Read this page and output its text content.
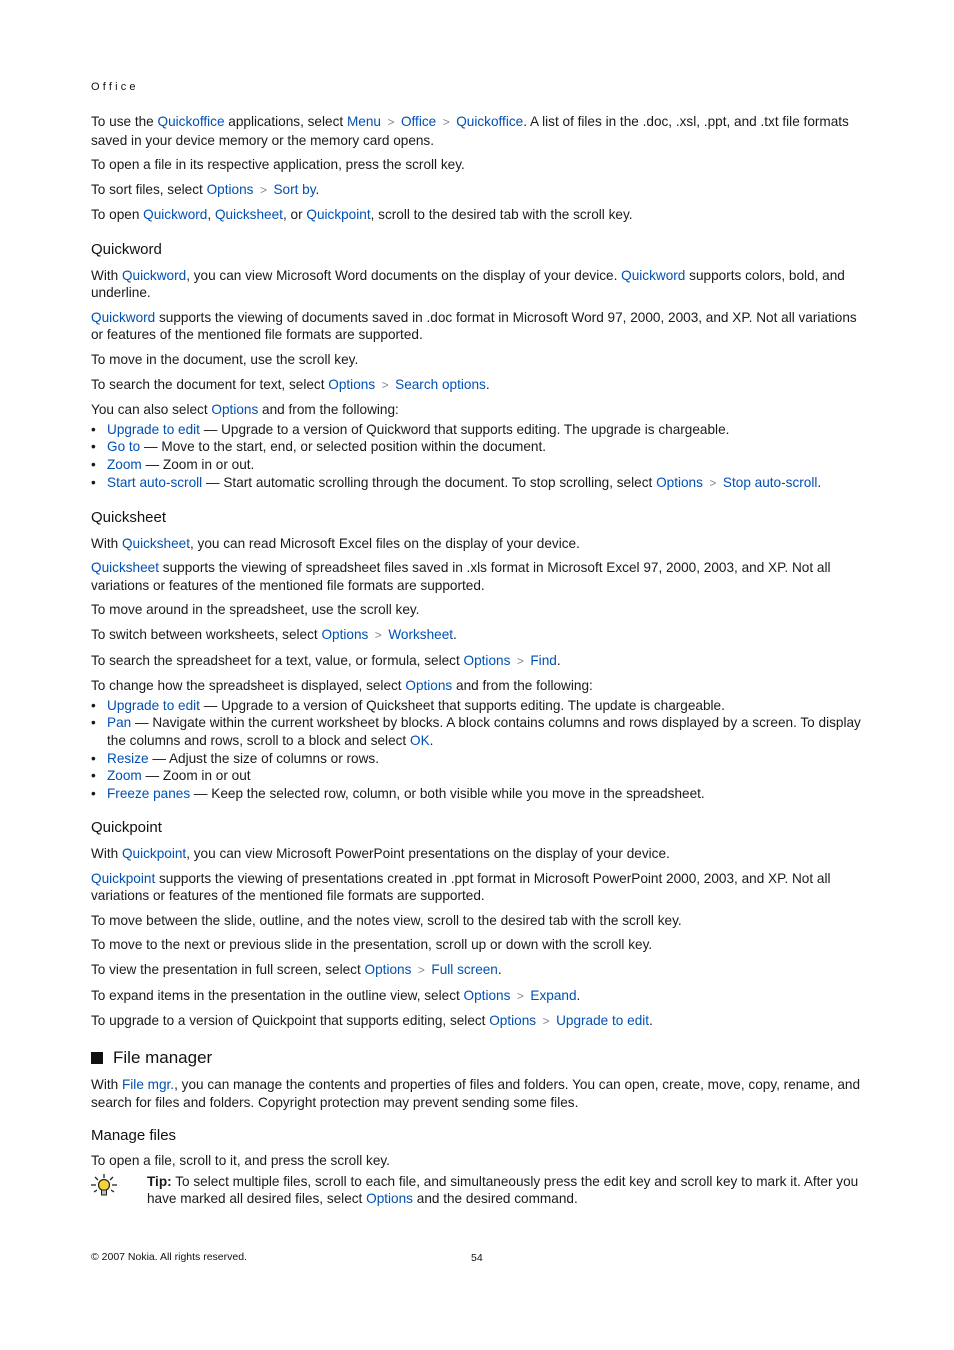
Office

To use the Quickoffice applications, select Menu > Office > Quickoffice. A list of files in the .doc, .xsl, .ppt, and .txt file formats saved in your device memory or the memory card opens.

To open a file in its respective application, press the scroll key.

To sort files, select Options > Sort by.

To open Quickword, Quicksheet, or Quickpoint, scroll to the desired tab with the scroll key.

Quickword

With Quickword, you can view Microsoft Word documents on the display of your device. Quickword supports colors, bold, and underline.

Quickword supports the viewing of documents saved in .doc format in Microsoft Word 97, 2000, 2003, and XP. Not all variations or features of the mentioned file formats are supported.

To move in the document, use the scroll key.

To search the document for text, select Options > Search options.

You can also select Options and from the following:

• Upgrade to edit — Upgrade to a version of Quickword that supports editing. The upgrade is chargeable.
• Go to — Move to the start, end, or selected position within the document.
• Zoom — Zoom in or out.
• Start auto-scroll — Start automatic scrolling through the document. To stop scrolling, select Options > Stop auto-scroll.
Quicksheet

With Quicksheet, you can read Microsoft Excel files on the display of your device.

Quicksheet supports the viewing of spreadsheet files saved in .xls format in Microsoft Excel 97, 2000, 2003, and XP. Not all variations or features of the mentioned file formats are supported.

To move around in the spreadsheet, use the scroll key.

To switch between worksheets, select Options > Worksheet.

To search the spreadsheet for a text, value, or formula, select Options > Find.

To change how the spreadsheet is displayed, select Options and from the following:

• Upgrade to edit — Upgrade to a version of Quicksheet that supports editing. The update is chargeable.
• Pan — Navigate within the current worksheet by blocks. A block contains columns and rows displayed by a screen. To display the columns and rows, scroll to a block and select OK.
• Resize — Adjust the size of columns or rows.
• Zoom — Zoom in or out
• Freeze panes — Keep the selected row, column, or both visible while you move in the spreadsheet.
Quickpoint

With Quickpoint, you can view Microsoft PowerPoint presentations on the display of your device.

Quickpoint supports the viewing of presentations created in .ppt format in Microsoft PowerPoint 2000, 2003, and XP. Not all variations or features of the mentioned file formats are supported.

To move between the slide, outline, and the notes view, scroll to the desired tab with the scroll key.

To move to the next or previous slide in the presentation, scroll up or down with the scroll key.

To view the presentation in full screen, select Options > Full screen.

To expand items in the presentation in the outline view, select Options > Expand.

To upgrade to a version of Quickpoint that supports editing, select Options > Upgrade to edit.

File manager

With File mgr., you can manage the contents and properties of files and folders. You can open, create, move, copy, rename, and search for files and folders. Copyright protection may prevent sending some files.

Manage files

To open a file, scroll to it, and press the scroll key.

Tip: To select multiple files, scroll to each file, and simultaneously press the edit key and scroll key to mark it. After you have marked all desired files, select Options and the desired command.
© 2007 Nokia. All rights reserved.	54
